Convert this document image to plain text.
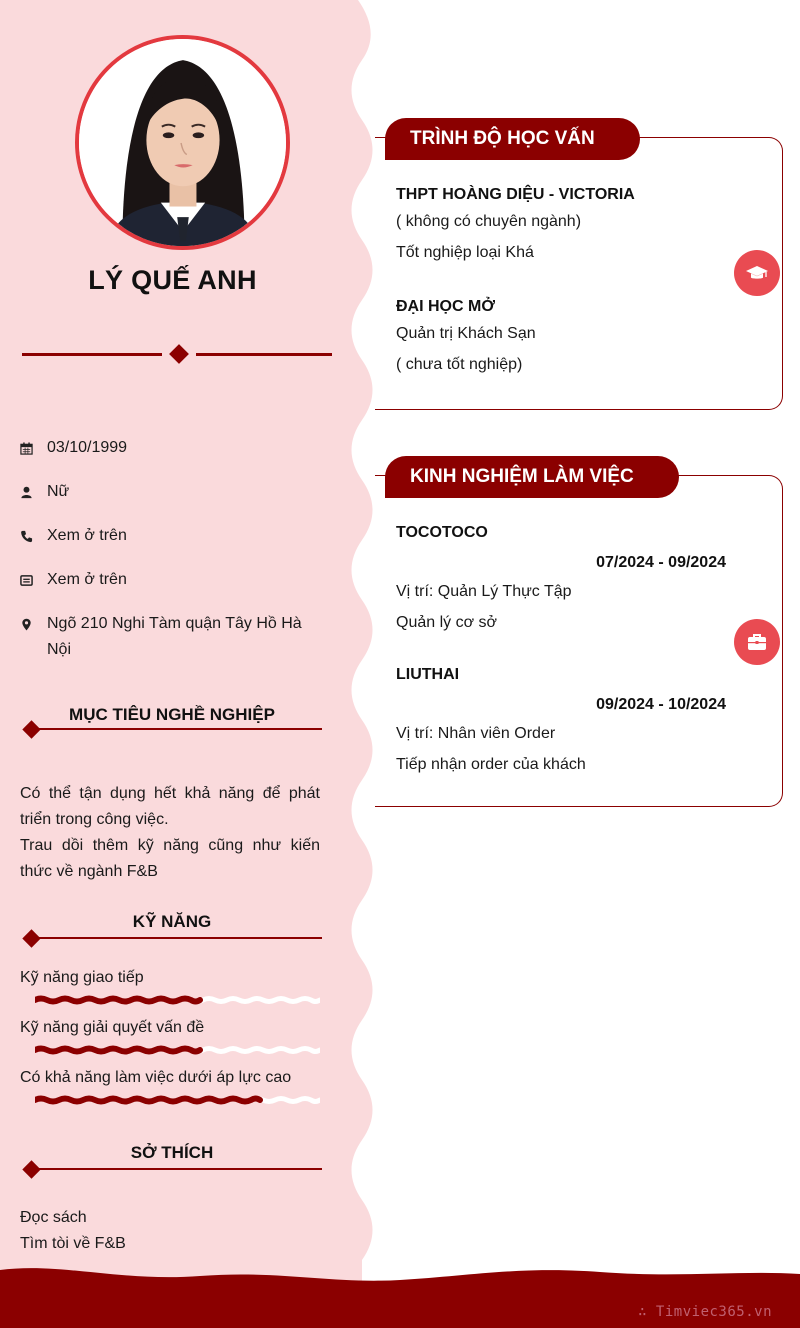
LÝ QUẾ ANH
03/10/1999
Nữ
Xem ở trên
Xem ở trên
Ngõ 210 Nghi Tàm quận Tây Hồ Hà Nội
MỤC TIÊU NGHỀ NGHIỆP
Có thể tận dụng hết khả năng để phát triển trong công việc.
Trau dồi thêm kỹ năng cũng như kiến thức về ngành F&B
KỸ NĂNG
Kỹ năng giao tiếp
Kỹ năng giải quyết vấn đề
Có khả năng làm việc dưới áp lực cao
SỞ THÍCH
Đọc sách
Tìm tòi về F&B
TRÌNH ĐỘ HỌC VẤN
THPT HOÀNG DIỆU - VICTORIA
( không có chuyên ngành)
Tốt nghiệp loại Khá
ĐẠI HỌC MỞ
Quản trị Khách Sạn
( chưa tốt nghiệp)
KINH NGHIỆM LÀM VIỆC
TOCOTOCO
07/2024 - 09/2024
Vị trí: Quản Lý Thực Tập
Quản lý cơ sở
LIUTHAI
09/2024 - 10/2024
Vị trí: Nhân viên Order
Tiếp nhận order của khách
∴ Timviec365.vn
